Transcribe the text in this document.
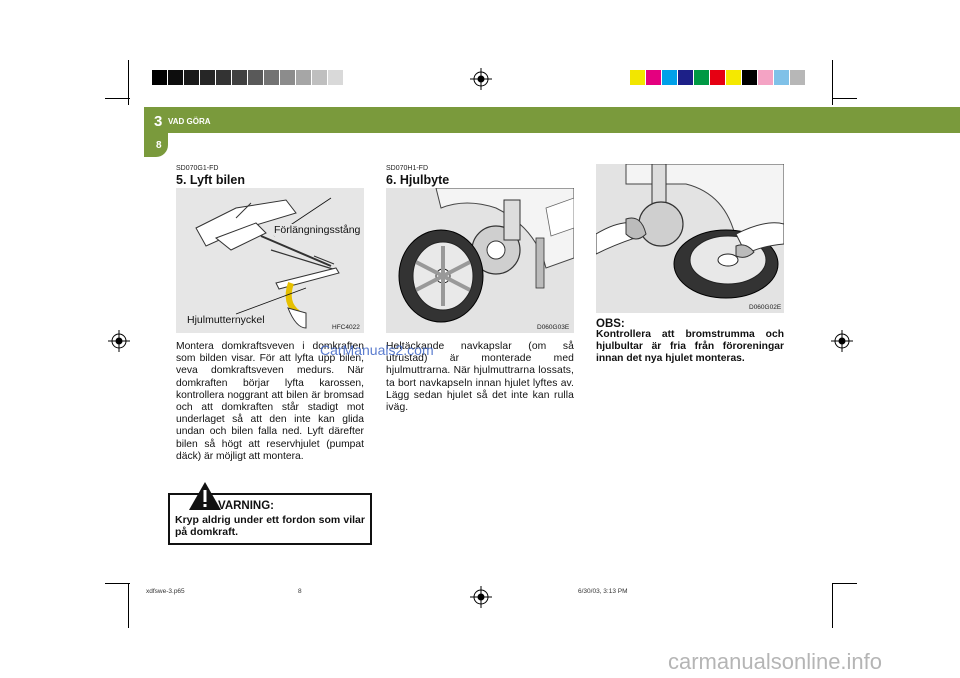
3 VAD GÖRA
8
SD070G1-FD
5. Lyft bilen
Förlängningsstång
Hjulmutternyckel
HFC4022
Montera domkraftsveven i domkraften som bilden visar. För att lyfta upp bilen, veva domkraftsveven medurs. När domkraften börjar lyfta karossen, kontrollera noggrant att bilen är bromsad och att domkraften står stadigt mot underlaget så att den inte kan glida undan och bilen falla ned. Lyft därefter bilen så högt att reservhjulet (pumpat däck) är möjligt att montera.
VARNING:
Kryp aldrig under ett fordon som vilar på domkraft.
SD070H1-FD
6. Hjulbyte
D060G03E
Heltäckande navkapslar (om så utrustad) är monterade med hjulmuttrarna. När hjulmuttrarna lossats, ta bort navkapseln innan hjulet lyftes av. Lägg sedan hjulet så det inte kan rulla iväg.
D060G02E
OBS:
Kontrollera att bromstrumma och hjulbultar är fria från föroreningar innan det nya hjulet monteras.
CarManuals2.com
carmanualsonline.info
xdfswe-3.p65	8	6/30/03, 3:13 PM
